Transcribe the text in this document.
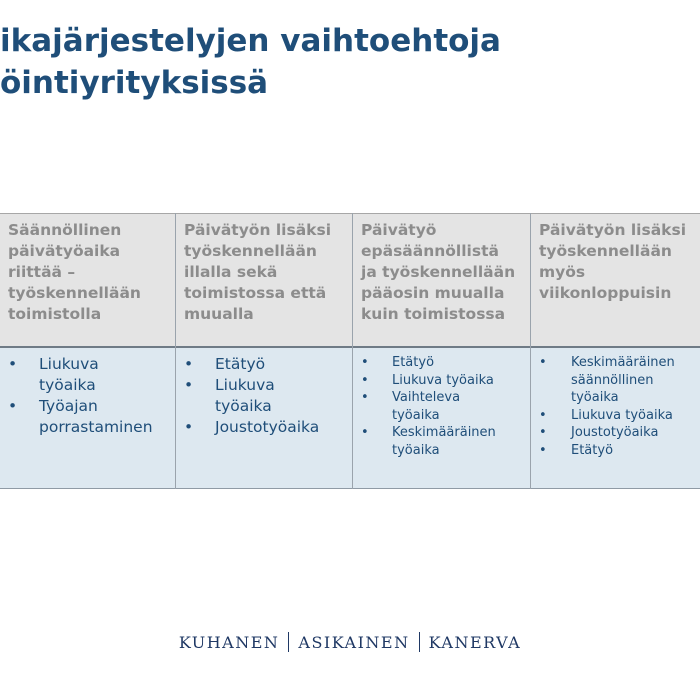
ikajärjestelyjen vaihtoehtoja
öintiyrityksissä
Säännöllinen
päivätyöaika
riittää –
työskennellään
toimistolla
• Liukuva
työaika
• Työajan
porrastaminen
Päivätyön lisäksi
työskennellään
illalla sekä
toimistossa että
muualla
• Etätyö
• Liukuva
työaika
• Joustotyöaika
Päivätyö
epäsäännöllistä
ja työskennellään
pääosin muualla
kuin toimistossa
• Etätyö
• Liukuva työaika
• Vaihteleva
työaika
• Keskimääräinen
työaika
Päivätyön lisäksi
työskennellään
myös
viikonloppuisin
• Keskimääräinen
säännöllinen
työaika
• Liukuva työaika
• Joustotyöaika
• Etätyö
KUHANEN ASIKAINEN KANERVA
